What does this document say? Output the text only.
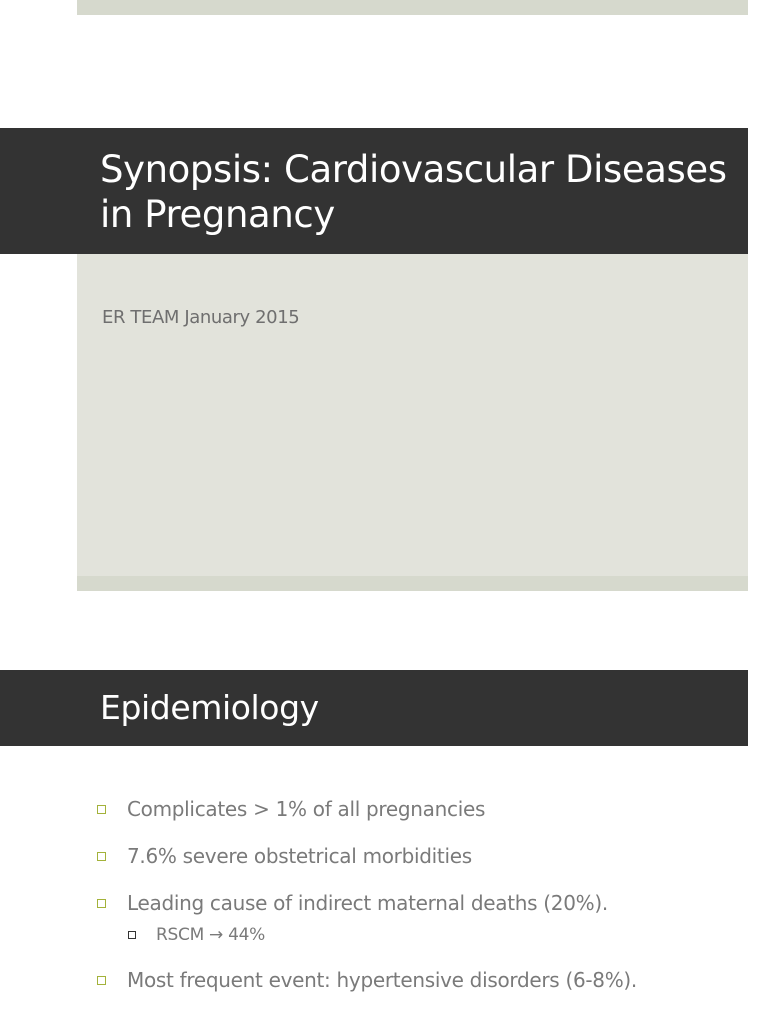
Synopsis: Cardiovascular Diseases in Pregnancy
ER TEAM January 2015
Epidemiology
Complicates > 1% of all pregnancies
7.6% severe obstetrical morbidities
Leading cause of indirect maternal deaths (20%).
RSCM → 44%
Most frequent event: hypertensive disorders (6-8%).
